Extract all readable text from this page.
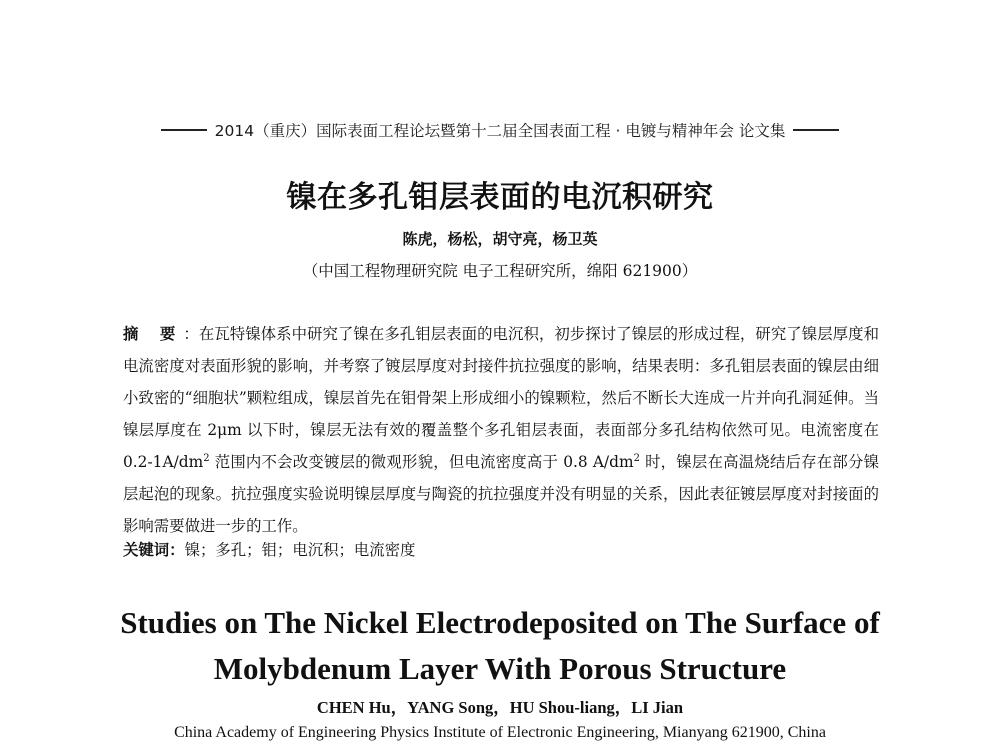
2014（重庆）国际表面工程论坛暨第十二届全国表面工程 · 电镀与精神年会 论文集
镍在多孔钼层表面的电沉积研究
陈虎，杨松，胡守亮，杨卫英
（中国工程物理研究院 电子工程研究所，绵阳 621900）
摘 要：在瓦特镍体系中研究了镍在多孔钼层表面的电沉积，初步探讨了镍层的形成过程，研究了镍层厚度和电流密度对表面形貌的影响，并考察了镀层厚度对封接件抗拉强度的影响，结果表明：多孔钼层表面的镍层由细小致密的“细胞状”颗粒组成，镍层首先在钼骨架上形成细小的镍颗粒，然后不断长大连成一片并向孔洞延伸。当镍层厚度在 2μm 以下时，镍层无法有效的覆盖整个多孔钼层表面，表面部分多孔结构依然可见。电流密度在 $0.2-1A/dm^2$ 范围内不会改变镀层的微观形貌，但电流密度高于 0.8 $A/dm^2$ 时，镍层在高温烧结后存在部分镍层起泡的现象。抗拉强度实验说明镍层厚度与陶瓷的抗拉强度并没有明显的关系，因此表征镀层厚度对封接面的影响需要做进一步的工作。
关键词：镍；多孔；钼；电沉积；电流密度
Studies on The Nickel Electrodeposited on The Surface of
Molybdenum Layer With Porous Structure
CHEN Hu，YANG Song，HU Shou-liang，LI Jian
China Academy of Engineering Physics Institute of Electronic Engineering, Mianyang 621900, China
